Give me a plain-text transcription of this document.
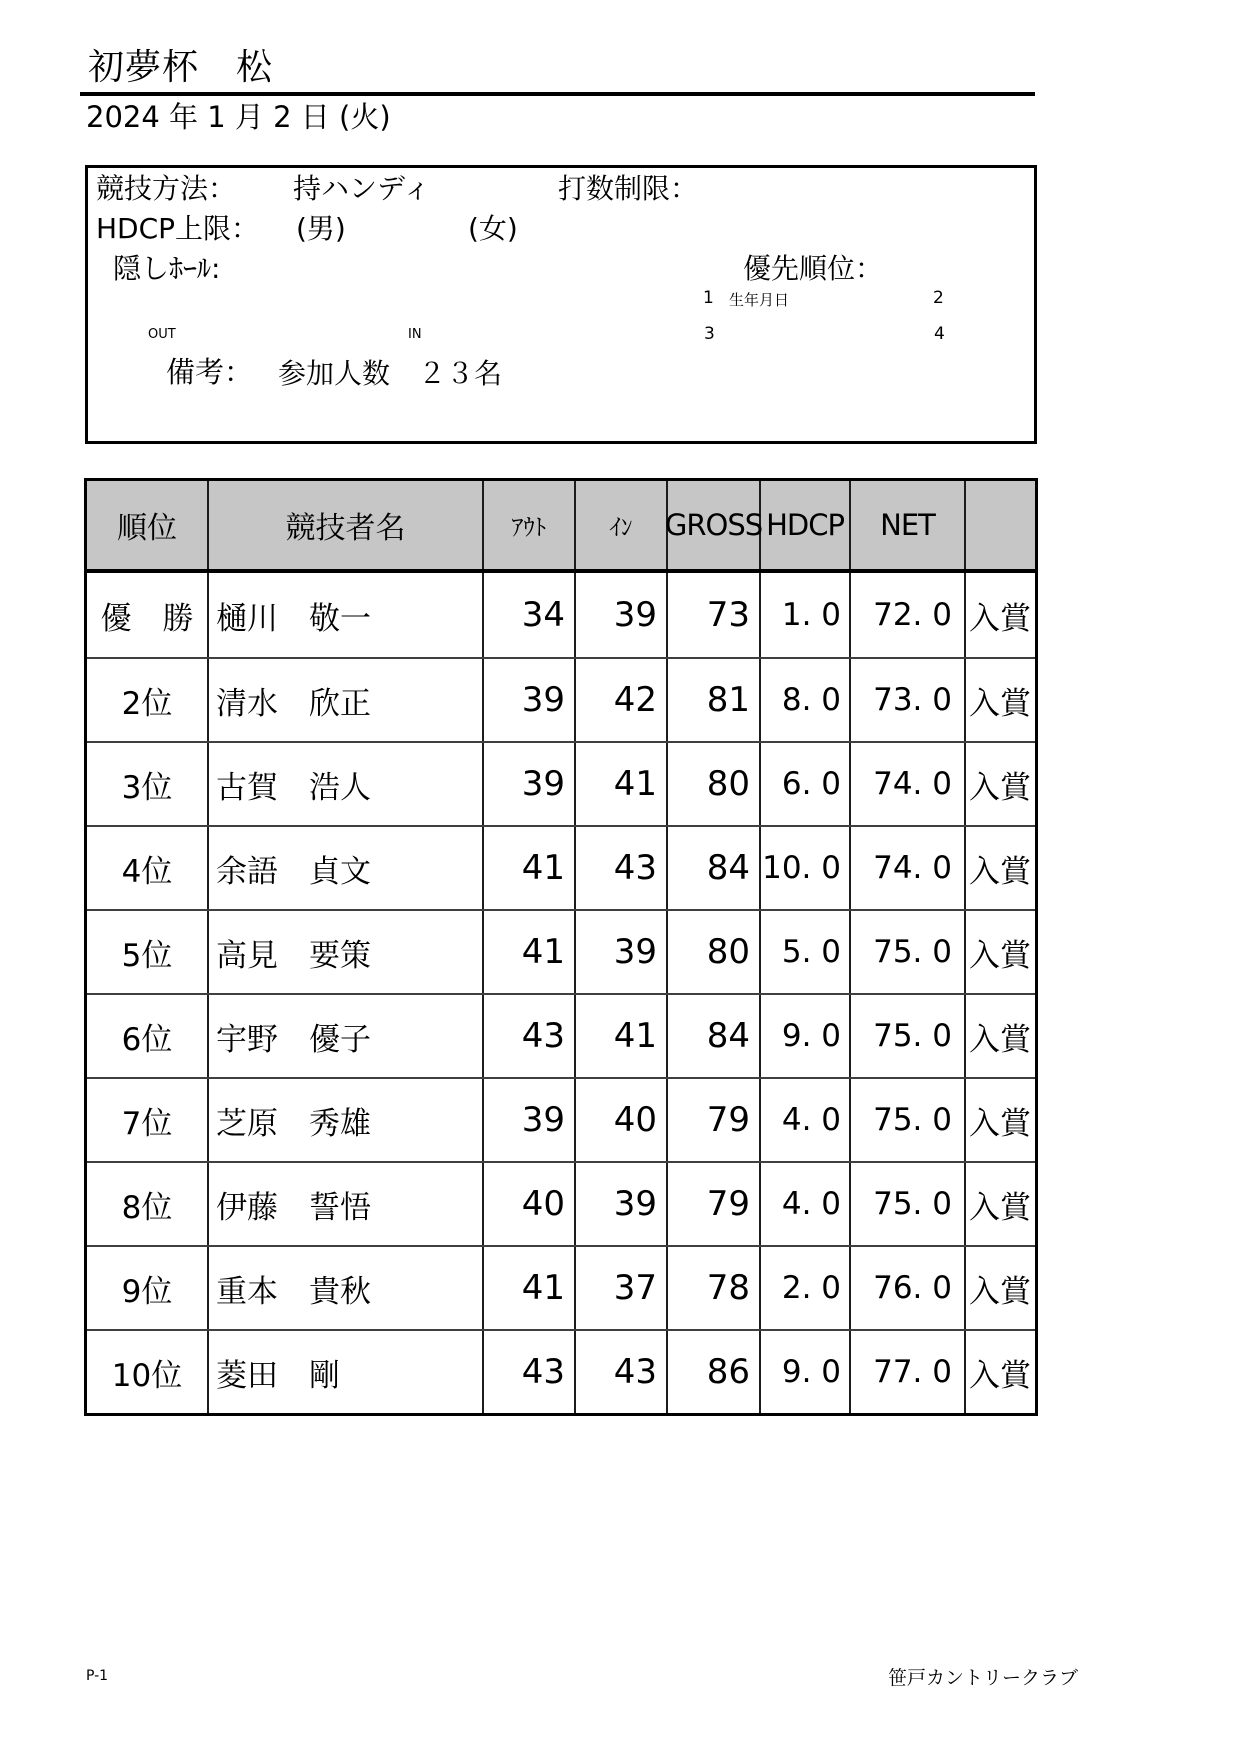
初夢杯　松
2024 年 1 月 2 日 (火)
競技方法： 持ハンディ	打数制限：
HDCP上限： (男)	(女)
隠しﾎｰﾙ:	優先順位：
1 生年月日	2
OUT	IN	3	4
備考： 参加人数　２３名
順位	競技者名	ｱｳﾄ	ｲﾝ	GROSS HDCP	NET
優　勝 樋川　敬一	34	39	73	1. 0	72. 0 入賞
2位	清水　欣正	39	42	81	8. 0	73. 0 入賞
3位	古賀　浩人	39	41	80	6. 0	74. 0 入賞
4位	余語　貞文	41	43	84 10. 0	74. 0 入賞
5位	高見　要策	41	39	80	5. 0	75. 0 入賞
6位	宇野　優子	43	41	84	9. 0	75. 0 入賞
7位	芝原　秀雄	39	40	79	4. 0	75. 0 入賞
8位	伊藤　誓悟	40	39	79	4. 0	75. 0 入賞
9位	重本　貴秋	41	37	78	2. 0	76. 0 入賞
10位	菱田　剛	43	43	86	9. 0	77. 0 入賞
P-1	笹戸カントリークラブ
